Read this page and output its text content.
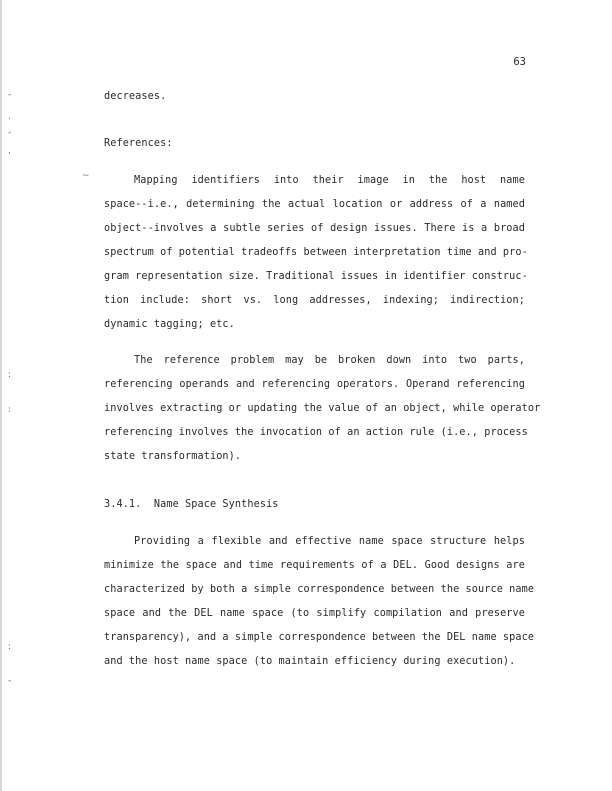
63
decreases.
References:
Mapping identifiers into their image in the host name
space--i.e., determining the actual location or address of a named
object--involves a subtle series of design issues. There is a broad
spectrum of potential tradeoffs between interpretation time and pro-
gram representation size. Traditional issues in identifier construc-
tion include: short vs. long addresses, indexing; indirection;
dynamic tagging; etc.
The reference problem may be broken down into two parts,
referencing operands and referencing operators. Operand referencing
involves extracting or updating the value of an object, while operator
referencing involves the invocation of an action rule (i.e., process
state transformation).
3.4.1.  Name Space Synthesis
Providing a flexible and effective name space structure helps
minimize the space and time requirements of a DEL. Good designs are
characterized by both a simple correspondence between the source name
space and the DEL name space (to simplify compilation and preserve
transparency), and a simple correspondence between the DEL name space
and the host name space (to maintain efficiency during execution).
-
.
-
,
~
:
:
:
-
